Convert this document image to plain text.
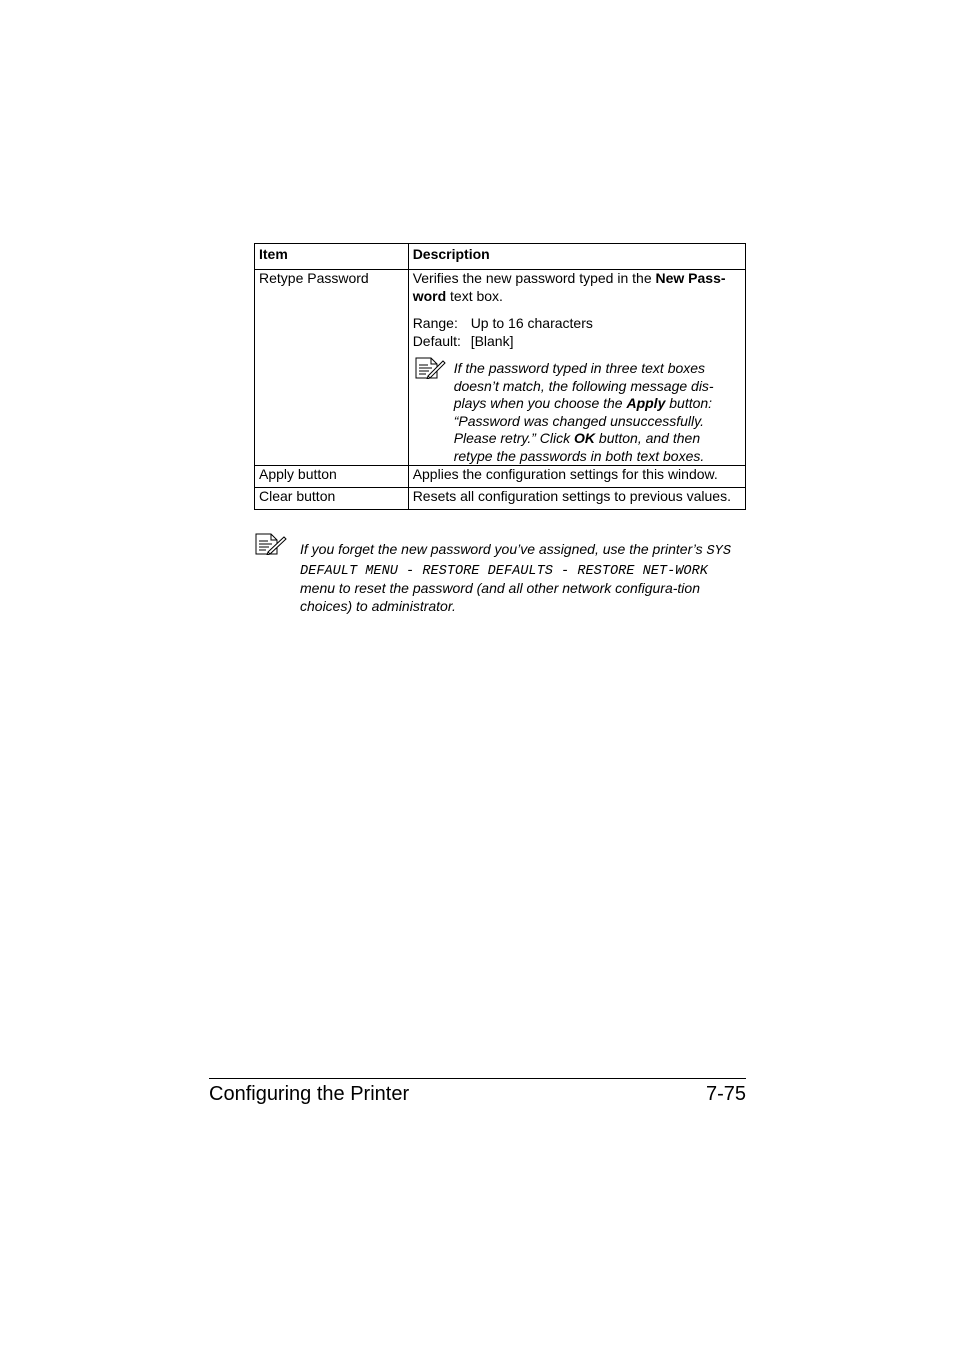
Item	Description
Retype Password	Verifies the new password typed in the New Pass-word text box.
Range: Up to 16 characters
Default: [Blank]

If the password typed in three text boxes doesn’t match, the following message dis-plays when you choose the Apply button: “Password was changed unsuccessfully. Please retry.” Click OK button, and then retype the passwords in both text boxes.

Apply button	Applies the configuration settings for this window.
Clear button	Resets all configuration settings to previous values.
If you forget the new password you’ve assigned, use the printer’s SYS DEFAULT MENU - RESTORE DEFAULTS - RESTORE NET-WORK menu to reset the password (and all other network configura-tion choices) to administrator.
Configuring the Printer	7-75
